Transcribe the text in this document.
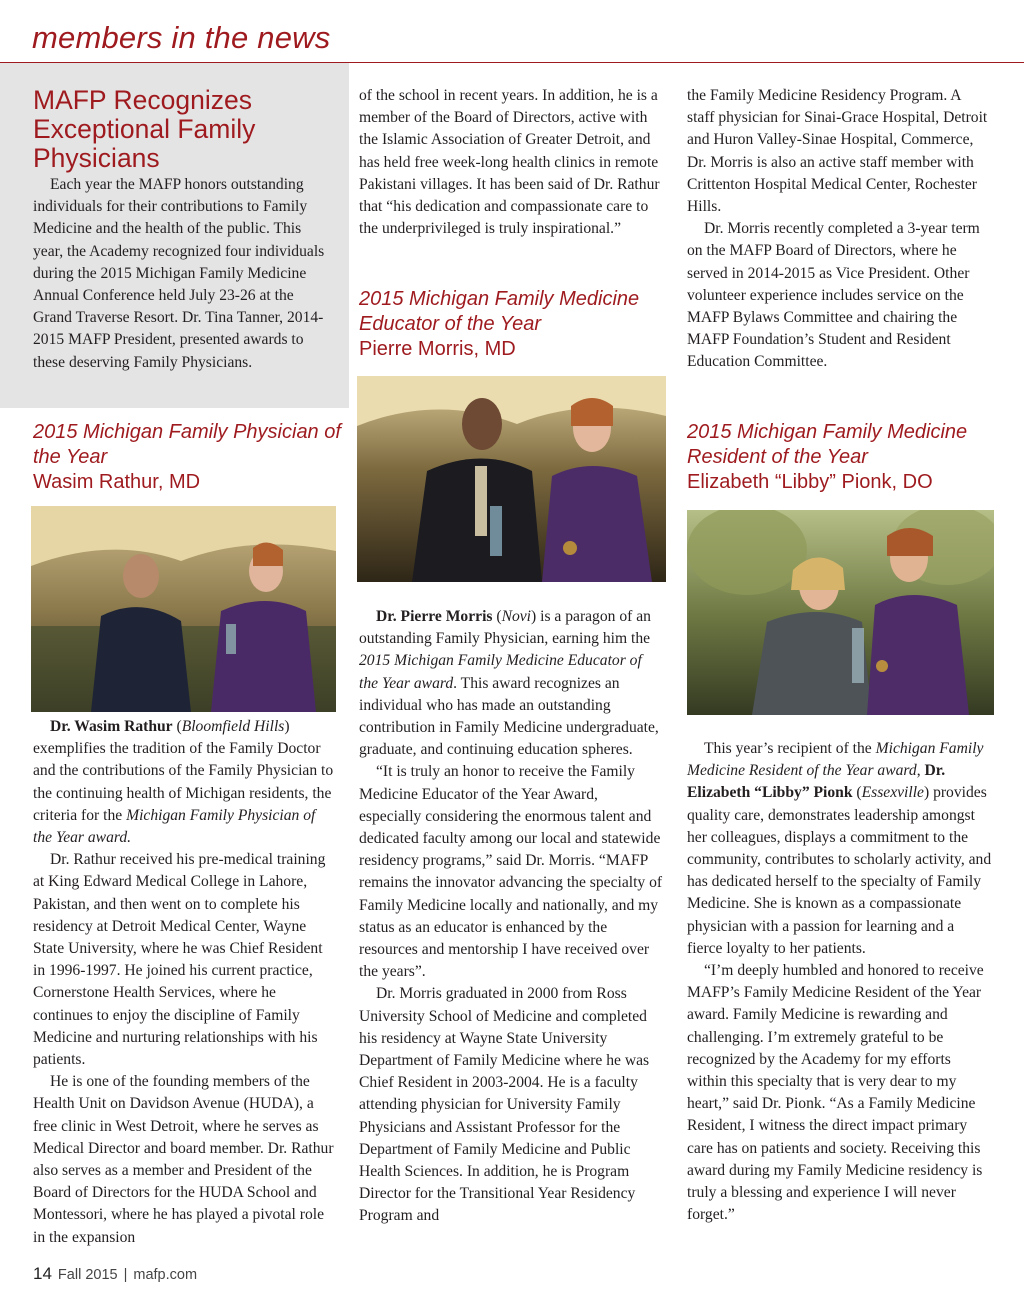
members in the news
MAFP Recognizes Exceptional Family Physicians

Each year the MAFP honors outstanding individuals for their contributions to Family Medicine and the health of the public. This year, the Academy recognized four individuals during the 2015 Michigan Family Medicine Annual Conference held July 23-26 at the Grand Traverse Resort. Dr. Tina Tanner, 2014-2015 MAFP President, presented awards to these deserving Family Physicians.

2015 Michigan Family Physician of the Year
Wasim Rathur, MD

Dr. Wasim Rathur (Bloomfield Hills) exemplifies the tradition of the Family Doctor and the contributions of the Family Physician to the continuing health of Michigan residents, the criteria for the Michigan Family Physician of the Year award.

Dr. Rathur received his pre-medical training at King Edward Medical College in Lahore, Pakistan, and then went on to complete his residency at Detroit Medical Center, Wayne State University, where he was Chief Resident in 1996-1997. He joined his current practice, Cornerstone Health Services, where he continues to enjoy the discipline of Family Medicine and nurturing relationships with his patients.

He is one of the founding members of the Health Unit on Davidson Avenue (HUDA), a free clinic in West Detroit, where he serves as Medical Director and board member. Dr. Rathur also serves as a member and President of the Board of Directors for the HUDA School and Montessori, where he has played a pivotal role in the expansion

of the school in recent years. In addition, he is a member of the Board of Directors, active with the Islamic Association of Greater Detroit, and has held free week-long health clinics in remote Pakistani villages. It has been said of Dr. Rathur that “his dedication and compassionate care to the underprivileged is truly inspirational.”

2015 Michigan Family Medicine Educator of the Year
Pierre Morris, MD

Dr. Pierre Morris (Novi) is a paragon of an outstanding Family Physician, earning him the 2015 Michigan Family Medicine Educator of the Year award. This award recognizes an individual who has made an outstanding contribution in Family Medicine undergraduate, graduate, and continuing education spheres.

“It is truly an honor to receive the Family Medicine Educator of the Year Award, especially considering the enormous talent and dedicated faculty among our local and statewide residency programs,” said Dr. Morris. “MAFP remains the innovator advancing the specialty of Family Medicine locally and nationally, and my status as an educator is enhanced by the resources and mentorship I have received over the years”.

Dr. Morris graduated in 2000 from Ross University School of Medicine and completed his residency at Wayne State University Department of Family Medicine where he was Chief Resident in 2003-2004. He is a faculty attending physician for University Family Physicians and Assistant Professor for the Department of Family Medicine and Public Health Sciences. In addition, he is Program Director for the Transitional Year Residency Program and

the Family Medicine Residency Program. A staff physician for Sinai-Grace Hospital, Detroit and Huron Valley-Sinae Hospital, Commerce, Dr. Morris is also an active staff member with Crittenton Hospital Medical Center, Rochester Hills.

Dr. Morris recently completed a 3-year term on the MAFP Board of Directors, where he served in 2014-2015 as Vice President. Other volunteer experience includes service on the MAFP Bylaws Committee and chairing the MAFP Foundation’s Student and Resident Education Committee.

2015 Michigan Family Medicine Resident of the Year
Elizabeth “Libby” Pionk, DO

This year’s recipient of the Michigan Family Medicine Resident of the Year award, Dr. Elizabeth “Libby” Pionk (Essexville) provides quality care, demonstrates leadership amongst her colleagues, displays a commitment to the community, contributes to scholarly activity, and has dedicated herself to the specialty of Family Medicine. She is known as a compassionate physician with a passion for learning and a fierce loyalty to her patients.

“I’m deeply humbled and honored to receive MAFP’s Family Medicine Resident of the Year award. Family Medicine is rewarding and challenging. I’m extremely grateful to be recognized by the Academy for my efforts within this specialty that is very dear to my heart,” said Dr. Pionk. “As a Family Medicine Resident, I witness the direct impact primary care has on patients and society. Receiving this award during my Family Medicine residency is truly a blessing and experience I will never forget.”

14 Fall 2015 | mafp.com
